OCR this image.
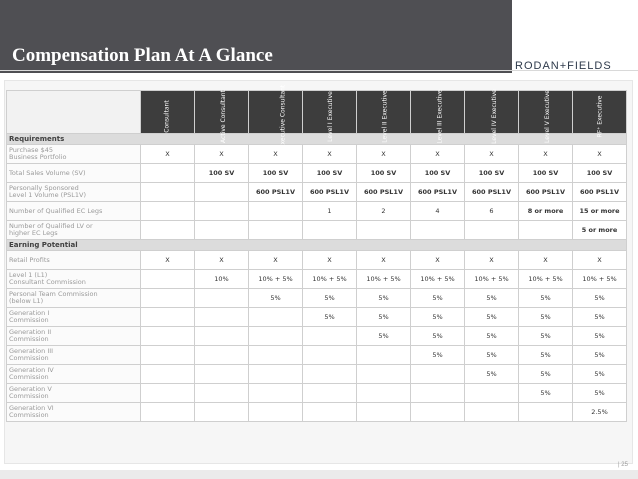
Compensation Plan At A Glance	RODAN+FIELDS
	Consultant	Active Consultant	Executive Consultant	Level I Executive	Level II Executive	Level III Executive	Level IV Executive	Level V Executive	RF⁺ Executive
Requirements									

Purchase $45
Business Portfolio	X	X	X	X	X	X	X	X	X

Total Sales Volume (SV)		100 SV	100 SV	100 SV	100 SV	100 SV	100 SV	100 SV	100 SV

Personally Sponsored
Level 1 Volume (PSL1V)			600 PSL1V	600 PSL1V	600 PSL1V	600 PSL1V	600 PSL1V	600 PSL1V	600 PSL1V

Number of Qualified EC Legs				1	2	4	6	8 or more	15 or more

Number of Qualified LV or
higher EC Legs									5 or more
Earning Potential									

Retail Profits	X	X	X	X	X	X	X	X	X

Level 1 (L1)
Consultant Commission		10%	10% + 5%	10% + 5%	10% + 5%	10% + 5%	10% + 5%	10% + 5%	10% + 5%

Personal Team Commission
(below L1)			5%	5%	5%	5%	5%	5%	5%

Generation I
Commission				5%	5%	5%	5%	5%	5%

Generation II
Commission					5%	5%	5%	5%	5%

Generation III
Commission						5%	5%	5%	5%

Generation IV
Commission							5%	5%	5%

Generation V
Commission								5%	5%

Generation VI
Commission									2.5%
| 25
